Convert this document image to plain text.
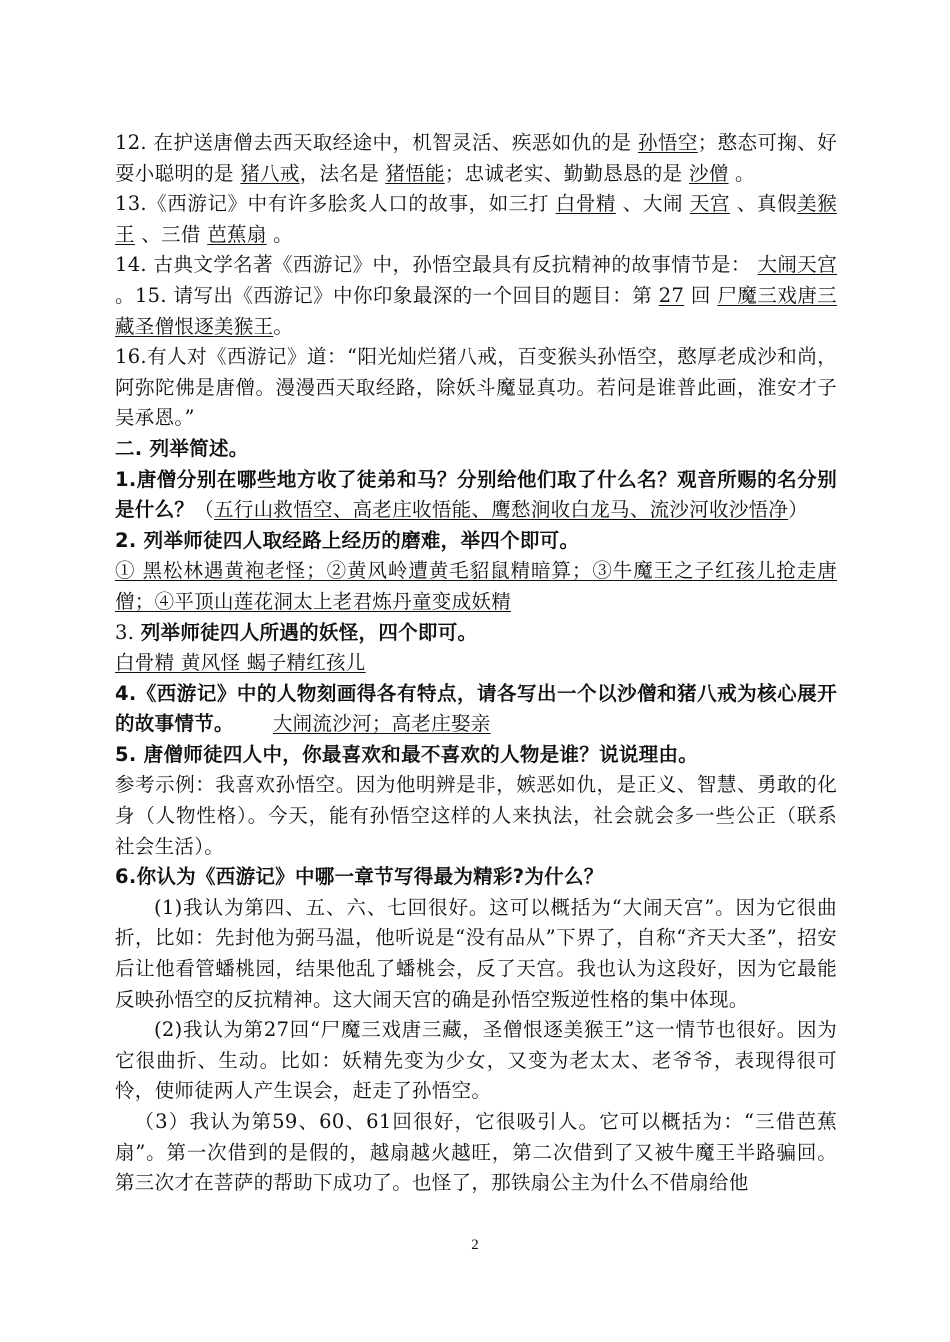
12. 在护送唐僧去西天取经途中，机智灵活、疾恶如仇的是 孙悟空；憨态可掬、好耍小聪明的是 猪八戒，法名是 猪悟能；忠诚老实、勤勤恳恳的是 沙僧 。

13.《西游记》中有许多脍炙人口的故事，如三打 白骨精 、大闹 天宫 、真假美猴王 、三借 芭蕉扇 。

14. 古典文学名著《西游记》中，孙悟空最具有反抗精神的故事情节是： 大闹天宫 。15. 请写出《西游记》中你印象最深的一个回目的题目：第 27 回 尸魔三戏唐三藏圣僧恨逐美猴王。

16.有人对《西游记》道：“阳光灿烂猪八戒，百变猴头孙悟空，憨厚老成沙和尚，阿弥陀佛是唐僧。漫漫西天取经路，除妖斗魔显真功。若问是谁普此画，淮安才子吴承恩。”

二. 列举简述。

1.唐僧分别在哪些地方收了徒弟和马？分别给他们取了什么名？观音所赐的名分别是什么？（五行山救悟空、高老庄收悟能、鹰愁涧收白龙马、流沙河收沙悟净）

2. 列举师徒四人取经路上经历的磨难，举四个即可。

① 黑松林遇黄袍老怪；②黄风岭遭黄毛貂鼠精暗算；③牛魔王之子红孩儿抢走唐僧；④平顶山莲花洞太上老君炼丹童变成妖精

3. 列举师徒四人所遇的妖怪，四个即可。

白骨精 黄风怪 蝎子精红孩儿

4.《西游记》中的人物刻画得各有特点，请各写出一个以沙僧和猪八戒为核心展开的故事情节。 大闹流沙河；高老庄娶亲

5. 唐僧师徒四人中，你最喜欢和最不喜欢的人物是谁？说说理由。

参考示例：我喜欢孙悟空。因为他明辨是非，嫉恶如仇，是正义、智慧、勇敢的化身（人物性格）。今天，能有孙悟空这样的人来执法，社会就会多一些公正（联系社会生活）。

6.你认为《西游记》中哪一章节写得最为精彩?为什么？

(1)我认为第四、五、六、七回很好。这可以概括为“大闹天宫”。因为它很曲折，比如：先封他为弼马温，他听说是“没有品从”下界了，自称“齐天大圣”，招安后让他看管蟠桃园，结果他乱了蟠桃会，反了天宫。我也认为这段好，因为它最能反映孙悟空的反抗精神。这大闹天宫的确是孙悟空叛逆性格的集中体现。

(2)我认为第27回“尸魔三戏唐三藏，圣僧恨逐美猴王”这一情节也很好。因为它很曲折、生动。比如：妖精先变为少女，又变为老太太、老爷爷，表现得很可怜，使师徒两人产生误会，赶走了孙悟空。

（3）我认为第59、60、61回很好，它很吸引人。它可以概括为：“三借芭蕉扇”。第一次借到的是假的，越扇越火越旺，第二次借到了又被牛魔王半路骗回。第三次才在菩萨的帮助下成功了。也怪了，那铁扇公主为什么不借扇给他

2
